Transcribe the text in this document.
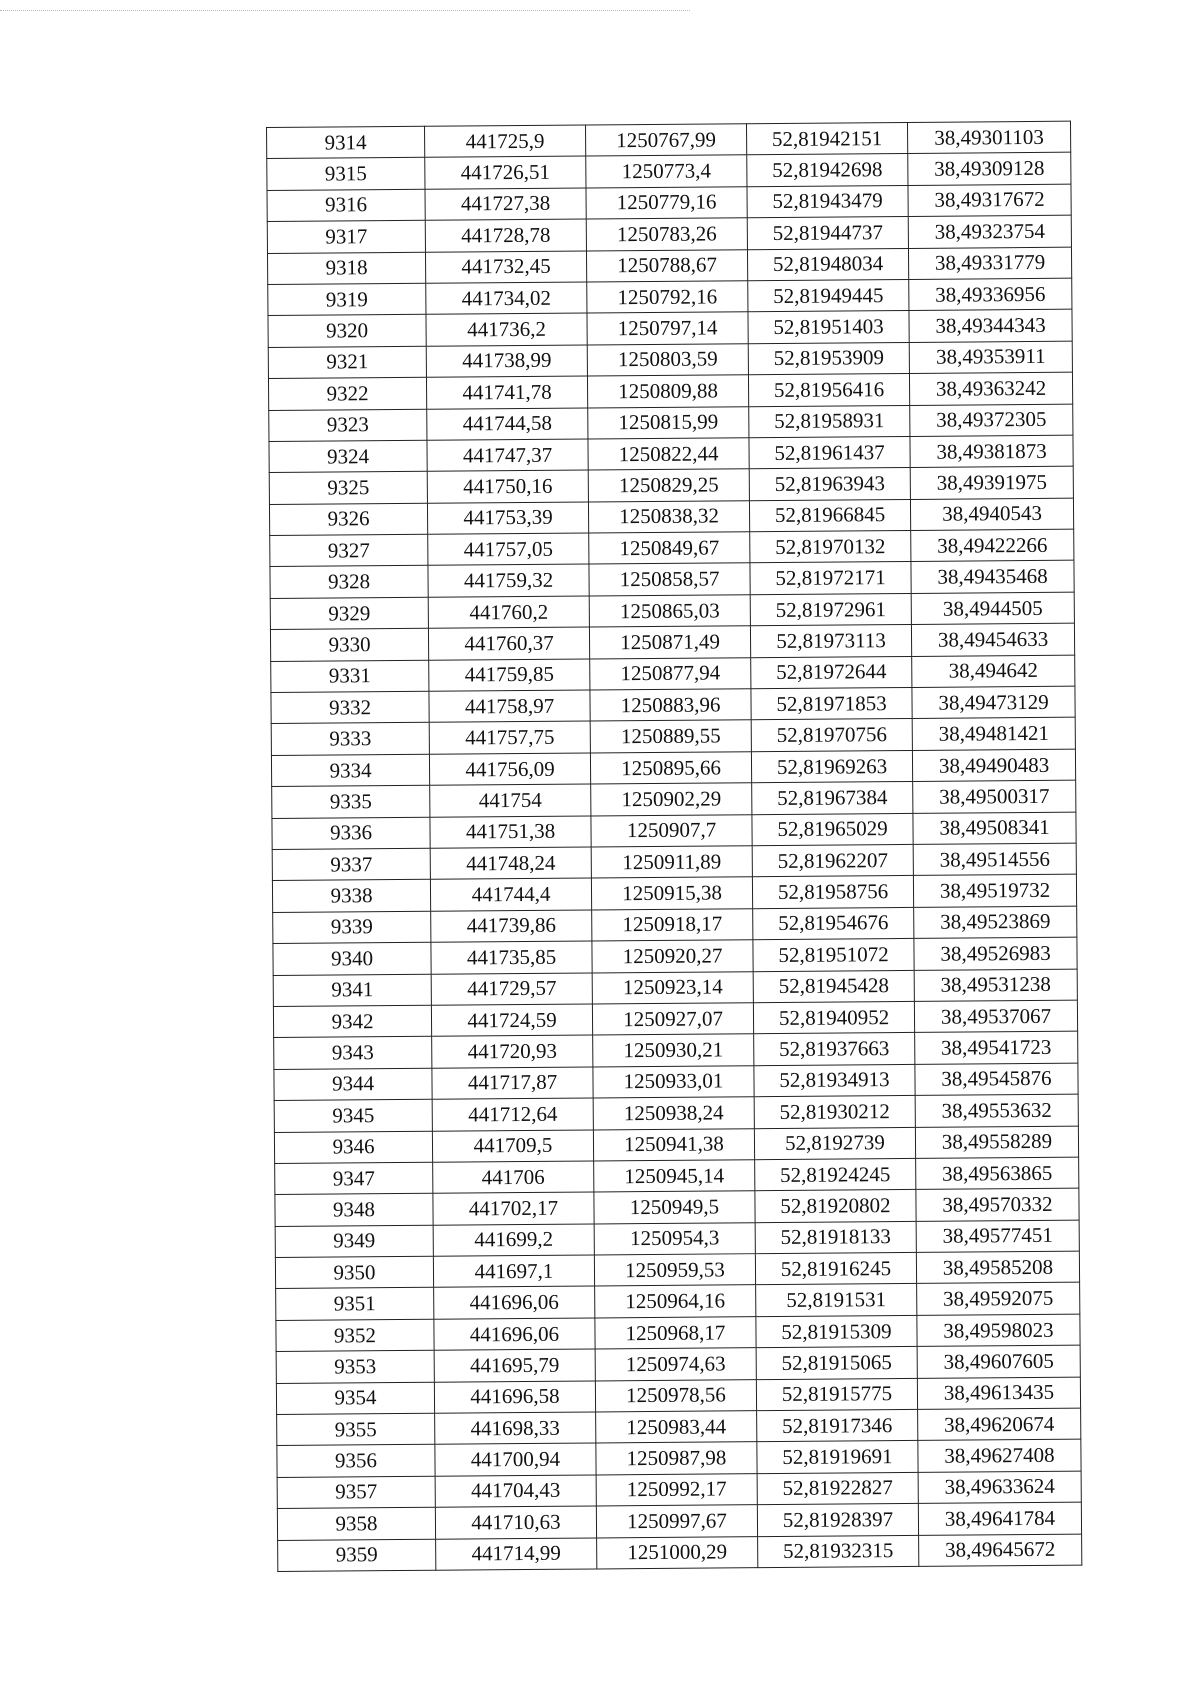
9314	441725,9	1250767,99	52,81942151	38,49301103
9315	441726,51	1250773,4	52,81942698	38,49309128
9316	441727,38	1250779,16	52,81943479	38,49317672
9317	441728,78	1250783,26	52,81944737	38,49323754
9318	441732,45	1250788,67	52,81948034	38,49331779
9319	441734,02	1250792,16	52,81949445	38,49336956
9320	441736,2	1250797,14	52,81951403	38,49344343
9321	441738,99	1250803,59	52,81953909	38,49353911
9322	441741,78	1250809,88	52,81956416	38,49363242
9323	441744,58	1250815,99	52,81958931	38,49372305
9324	441747,37	1250822,44	52,81961437	38,49381873
9325	441750,16	1250829,25	52,81963943	38,49391975
9326	441753,39	1250838,32	52,81966845	38,4940543
9327	441757,05	1250849,67	52,81970132	38,49422266
9328	441759,32	1250858,57	52,81972171	38,49435468
9329	441760,2	1250865,03	52,81972961	38,4944505
9330	441760,37	1250871,49	52,81973113	38,49454633
9331	441759,85	1250877,94	52,81972644	38,494642
9332	441758,97	1250883,96	52,81971853	38,49473129
9333	441757,75	1250889,55	52,81970756	38,49481421
9334	441756,09	1250895,66	52,81969263	38,49490483
9335	441754	1250902,29	52,81967384	38,49500317
9336	441751,38	1250907,7	52,81965029	38,49508341
9337	441748,24	1250911,89	52,81962207	38,49514556
9338	441744,4	1250915,38	52,81958756	38,49519732
9339	441739,86	1250918,17	52,81954676	38,49523869
9340	441735,85	1250920,27	52,81951072	38,49526983
9341	441729,57	1250923,14	52,81945428	38,49531238
9342	441724,59	1250927,07	52,81940952	38,49537067
9343	441720,93	1250930,21	52,81937663	38,49541723
9344	441717,87	1250933,01	52,81934913	38,49545876
9345	441712,64	1250938,24	52,81930212	38,49553632
9346	441709,5	1250941,38	52,8192739	38,49558289
9347	441706	1250945,14	52,81924245	38,49563865
9348	441702,17	1250949,5	52,81920802	38,49570332
9349	441699,2	1250954,3	52,81918133	38,49577451
9350	441697,1	1250959,53	52,81916245	38,49585208
9351	441696,06	1250964,16	52,8191531	38,49592075
9352	441696,06	1250968,17	52,81915309	38,49598023
9353	441695,79	1250974,63	52,81915065	38,49607605
9354	441696,58	1250978,56	52,81915775	38,49613435
9355	441698,33	1250983,44	52,81917346	38,49620674
9356	441700,94	1250987,98	52,81919691	38,49627408
9357	441704,43	1250992,17	52,81922827	38,49633624
9358	441710,63	1250997,67	52,81928397	38,49641784
9359	441714,99	1251000,29	52,81932315	38,49645672
